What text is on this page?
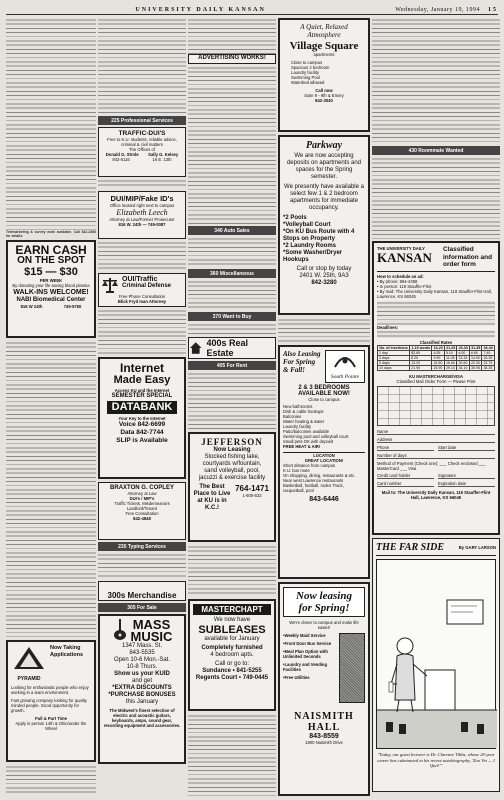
UNIVERSITY DAILY KANSAN	Wednesday, January 19, 1994 15
Telemarketing & survey work available. Call 842-3366 for details.
EARN CASH
ON THE SPOT
$15 — $30
PER WEEK
By donating your life saving blood plasma
WALK-INS WELCOME!
NABI Biomedical Center
816 W 24th	749-5750
PYRAMID
Now Taking Applications
Looking for enthusiastic people who enjoy working in a team environment.
Fast growing company looking for quality minded people. Good opportunity for growth.
Full & Part Time
Apply in person 14th & Ohio/under the Wheel
225 Professional Services
TRAFFIC-DUI'S
Free to K.U. students, reliable advice, criminal & civil matters
The Offices of
Donald G. Strole Sally G. Kelsey
842-5116	16 E. 13th
DUI/MIP/Fake ID's
Office located right next to campus
Elizabeth Leech
Attorney at Law/Former Prosecutor
816 W. 24th — 749-0087
OUI/Traffic
Criminal Defense
Free Phone Consultation
Blick Fryd man Attorney
Internet
Made Easy
Access KU and the Internet
SEMESTER SPECIAL
DATABANK
Your Key to the Internet
Voice 842-6699
Data 842-7744
SLIP is Available
BRAXTON G. COPLEY
Attorney at Law
DUI's / MIP's
Traffic Tickets, Misdemeanors
Landlord/Tenant
Free Consultation
842-4848
235 Typing Services
300s Merchandise
305 For Sale
MASS
MUSIC
1347 Mass. St.
843-5535
Open 10-6 Mon.-Sat.
10-8 Thurs.
Show us your KUID
and get
*EXTRA DISCOUNTS
*PURCHASE BONUSES
this January
The Midwest's finest selection of electric and acoustic guitars, keyboards, amps, sound gear, recording equipment and accessories.
ADVERTISING WORKS!
340 Auto Sales
360 Miscellaneous
370 Want to Buy
400s Real Estate
405 For Rent
JEFFERSON
Now Leasing
Stocked fishing lake,
courtyards w/fountain,
sand volleyball, pool,
jacuzzi & exercise facility
The Best Place to Live at KU is in K.C.!
764-1471
1-800-633
MASTERCHAPT
We now have
SUBLEASES
available for January
Completely furnished
4 bedroom apts.
Call or go to:
Sundance • 841-5255
Regents Court • 749-0445
A Quiet, Relaxed
Atmosphere
Village Square
apartments
Close to campus
Spacious 2 bedroom
Laundry facility
Swimming Pool
Waterbed allowed
Call now
Suite 9 - 9th & Emery
842-3040
Parkway
We are now accepting deposits on apartments and spaces for the Spring semester.
We presently have available a select few 1 & 2 bedroom apartments for immediate occupancy.
*2 Pools
*Volleyball Court
*On KU Bus Route with 4 Stops on Property
*2 Laundry Rooms
*Some Washer/Dryer Hookups
Call or stop by today
2401 W. 25th, 9A3
842-3280
Also Leasing For Spring & Fall!
South Pointe
2 & 3 BEDROOMS
AVAILABLE NOW!
Close to campus
New bathrooms
Dish & cable hookups
Balconies
Water heating & water
Laundry facility
Patio/balconies available
Swimming pool and volleyball court
Small pets OK with deposit
FREE HEAT & AIR!
LOCATION
GREAT LOCATION!
Short distance from campus
K.U. bus route
On shopping, dining, restaurants & etc.
Near west Lawrence restaurants
Basketball, football, rodeo Track, racquetball, pool
843-6446
Now leasing
for Spring!
We're closer to campus and make life easier!
•Weekly Maid Service
•Front Door Bus Service
•Meal Plan Option with Unlimited Seconds
•Laundry and Vending Facilities
•Free Utilities
NAISMITH HALL
843-8559
1800 Naismith Drive
430 Roommate Wanted
THE UNIVERSITY DAILY
KANSAN
Classified information and order form
How to schedule an ad:
• By phone: 864-4358
• In person: 119 Stauffer-Flint
• By mail: The University Daily Kansan, 119 Stauffer-Flint Hall, Lawrence, KS 66045
Deadlines:
Classified Rates
No. of insertions	1-15 words	16-20	21-25	26-30	31-35	36-40
1 day	$3.65	4.55	5.10	6.00	6.80	7.45
3 days	8.20	9.90	11.05	13.15	14.90	16.35
5 days	13.20	15.50	16.80	20.50	22.30	23.75
10 days	21.90	25.95	29.10	34.10	35.95	38.35
KU MASTERCHARGE/VISA
Classified Mail Order Form — Please Print
Name
Address
Phone	Start date
Number of days
Method of Payment (Check one): ___ Check enclosed ___ MasterCard ___ Visa
Credit card holder	Signature
Card number	Expiration date
Mail to: The University Daily Kansan, 119 Stauffer-Flint Hall, Lawrence, KS 66045
THE FAR SIDE	By GARY LARSON
"Today, our guest lecturer is Dr. Clarence Tibbs, whose 20-year career has culminated in his recent autobiography, 'Zoo Vet — I Quit!'"
